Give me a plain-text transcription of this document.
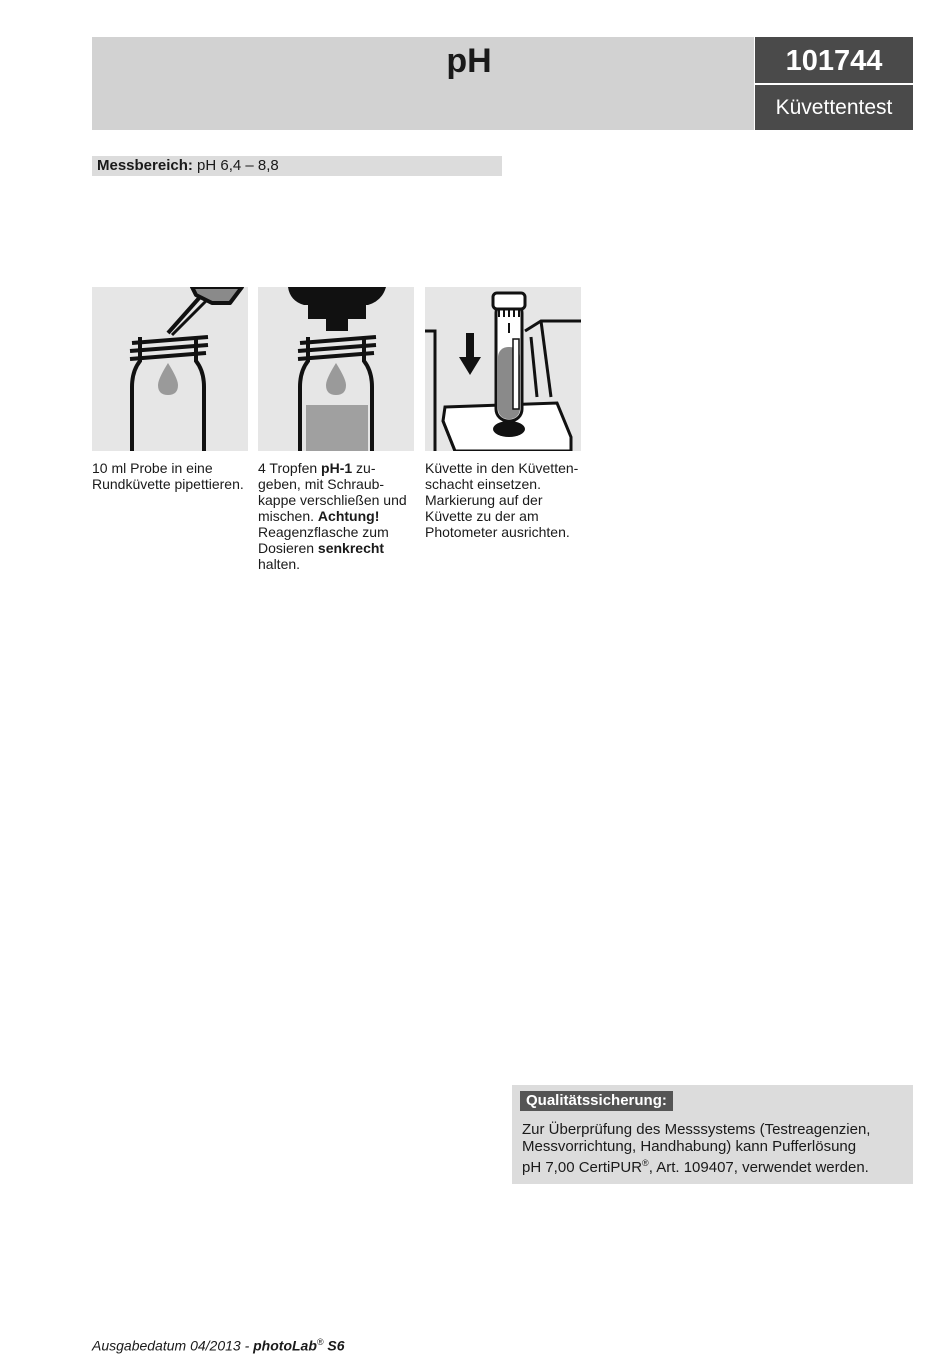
pH	101744
Küvettentest
Messbereich: pH 6,4 – 8,8
10 ml Probe in eine
Rundküvette pipettieren.
4 Tropfen pH-1 zu-
geben, mit Schraub-
kappe verschließen und
mischen. Achtung!
Reagenzflasche zum
Dosieren senkrecht
halten.
Küvette in den Küvetten-
schacht einsetzen.
Markierung auf der
Küvette zu der am
Photometer ausrichten.
Qualitätssicherung:
Zur Überprüfung des Messsystems (Testreagenzien,
Messvorrichtung, Handhabung) kann Pufferlösung
pH 7,00 CertiPUR®, Art. 109407, verwendet werden.
Ausgabedatum 04/2013 - photoLab® S6
